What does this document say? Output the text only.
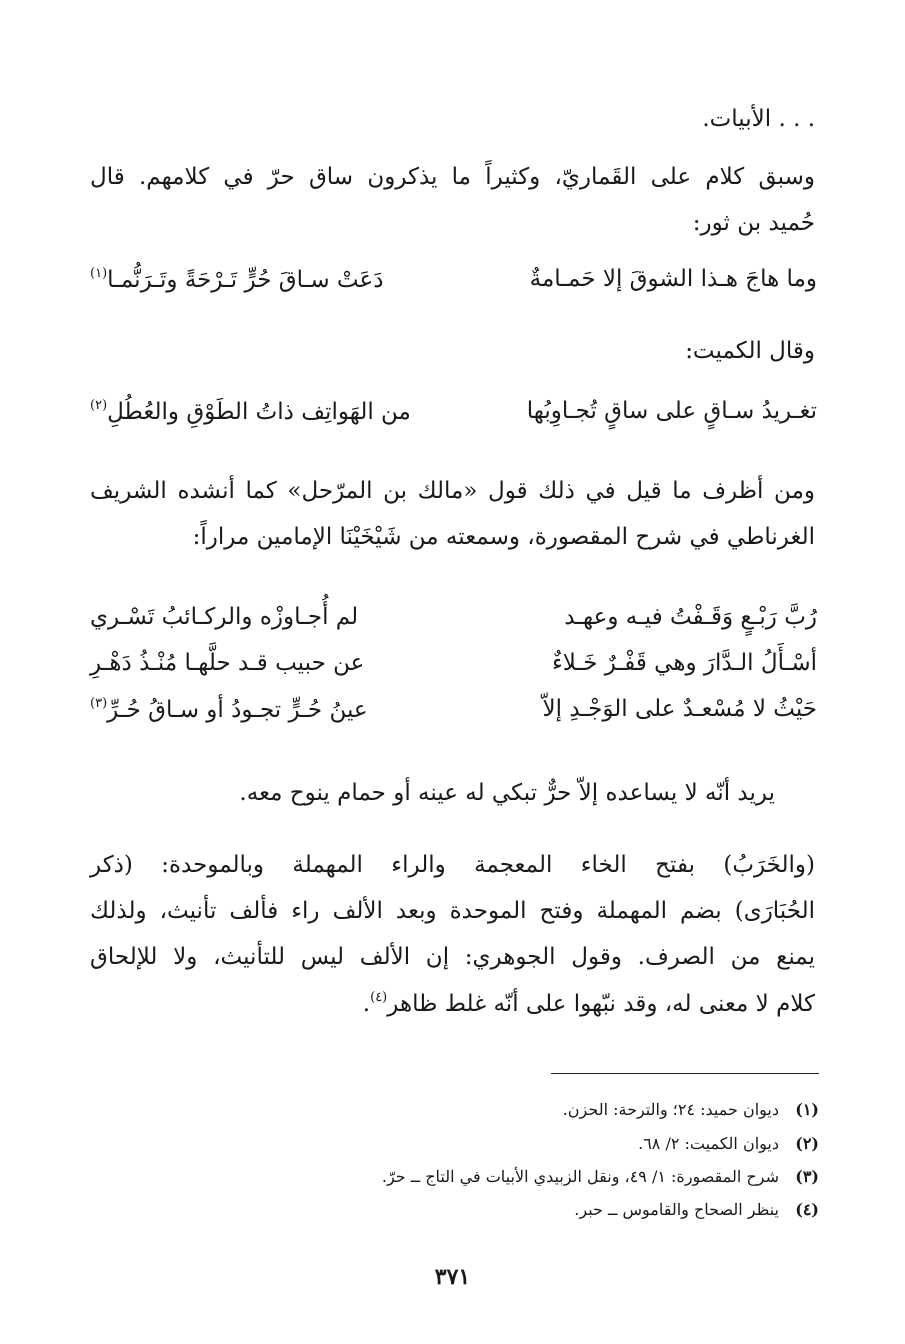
. . . الأبيات.
وسبق كلام على القَماريّ، وكثيراً ما يذكرون ساق حرّ في كلامهم. قال
حُميد بن ثور:
وما هاجَ هـذا الشوقَ إلا حَمـامةٌ
دَعَتْ سـاقَ حُرٍّ تَـرْحَةً وتَـرَنُّمـا$^{(١)}$
وقال الكميت:
تغـريدُ سـاقٍ على ساقٍ تُجـاوِبُها
من الهَواتِف ذاتُ الطَوْقِ والعُطُلِ$^{(٢)}$
ومن أظرف ما قيل في ذلك قول «مالك بن المرّحل» كما أنشده الشريف
الغرناطي في شرح المقصورة، وسمعته من شَيْخَيْنَا الإمامين مراراً:
رُبَّ رَبْـعٍ وَقَـفْتُ فيـه وعهـد
لم أُجـاوزْه والركـائبُ تَسْـري
أسْـأَلُ الـدَّارَ وهي قَفْـرٌ خَـلاءٌ
عن حبيب قـد حلَّهـا مُنْـذُ دَهْـرِ
حَيْثُ لا مُسْعـدٌ على الوَجْـدِ إلاّ
عينُ حُـرٍّ تجـودُ أو سـاقُ حُـرِّ$^{(٣)}$
يريد أنّه لا يساعده إلاّ حرٌّ تبكي له عينه أو حمام ينوح معه.
(والخَرَبُ) بفتح الخاء المعجمة والراء المهملة وبالموحدة: (ذكر
الحُبَارَى) بضم المهملة وفتح الموحدة وبعد الألف راء فألف تأنيث، ولذلك
يمنع من الصرف. وقول الجوهري: إن الألف ليس للتأنيث، ولا للإلحاق
كلام لا معنى له، وقد نبّهوا على أنّه غلط ظاهر$^{(٤)}$.
(١)ديوان حميد: ٢٤؛ والترحة: الحزن.
(٢)ديوان الكميت: ٢/ ٦٨.
(٣)شرح المقصورة: ١/ ٤٩، ونقل الزبيدي الأبيات في التاج ــ حرّ.
(٤)ينظر الصحاح والقاموس ــ حبر.
٣٧١
